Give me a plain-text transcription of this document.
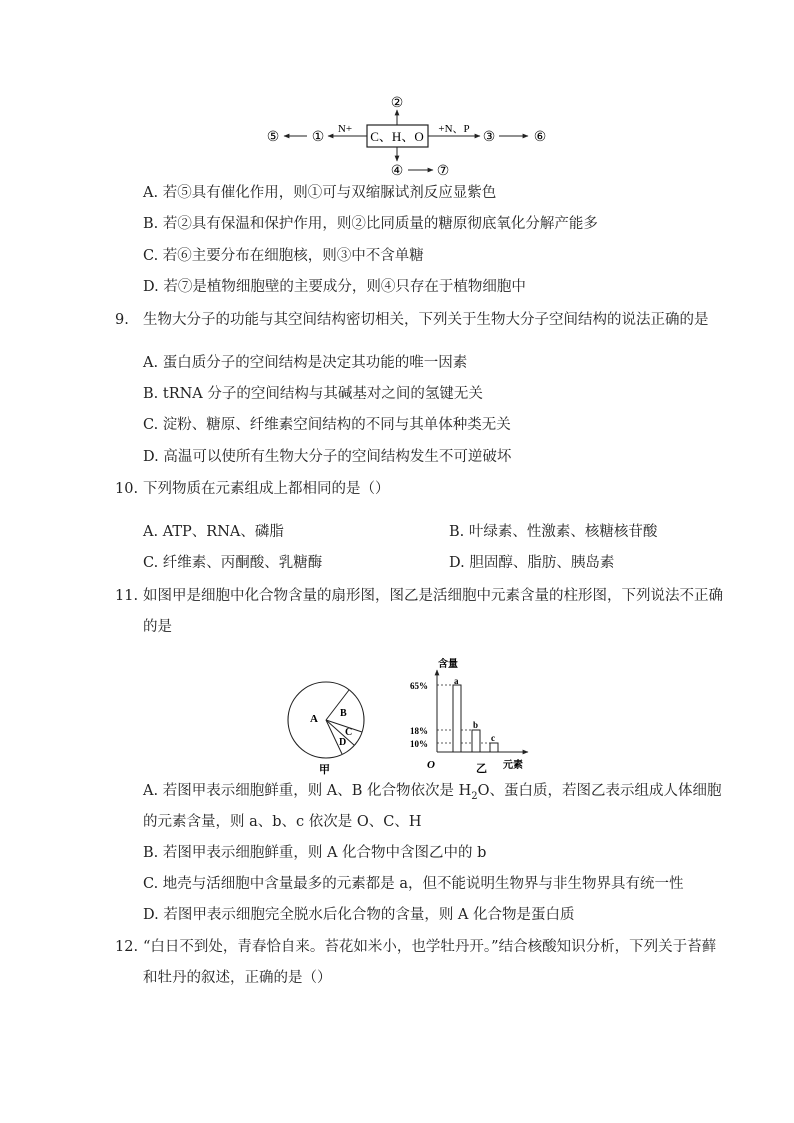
C、H、O
②
N+
①
⑤	+N、P ③	⑥
④ ⑦
A. 若⑤具有催化作用，则①可与双缩脲试剂反应显紫色
B. 若②具有保温和保护作用，则②比同质量的糖原彻底氧化分解产能多
C. 若⑥主要分布在细胞核，则③中不含单糖
D. 若⑦是植物细胞壁的主要成分，则④只存在于植物细胞中
9. 生物大分子的功能与其空间结构密切相关，下列关于生物大分子空间结构的说法正确的是
A. 蛋白质分子的空间结构是决定其功能的唯一因素
B. tRNA 分子的空间结构与其碱基对之间的氢键无关
C. 淀粉、糖原、纤维素空间结构的不同与其单体种类无关
D. 高温可以使所有生物大分子的空间结构发生不可逆破坏
10. 下列物质在元素组成上都相同的是（）
A. ATP、RNA、磷脂	B. 叶绿素、性激素、核糖核苷酸
C. 纤维素、丙酮酸、乳糖酶	D. 胆固醇、脂肪、胰岛素
11. 如图甲是细胞中化合物含量的扇形图，图乙是活细胞中元素含量的柱形图，下列说法不正确
的是
A B
C
D
甲
含量
元素
O	乙
65%
18%
10%
a
b
c
A. 若图甲表示细胞鲜重，则 A、B 化合物依次是 $H_2O$、蛋白质，若图乙表示组成人体细胞
的元素含量，则 a、b、c 依次是 O、C、H
B. 若图甲表示细胞鲜重，则 A 化合物中含图乙中的 b
C. 地壳与活细胞中含量最多的元素都是 a，但不能说明生物界与非生物界具有统一性
D. 若图甲表示细胞完全脱水后化合物的含量，则 A 化合物是蛋白质
12. “白日不到处，青春恰自来。苔花如米小，也学牡丹开。”结合核酸知识分析，下列关于苔藓
和牡丹的叙述，正确的是（）
